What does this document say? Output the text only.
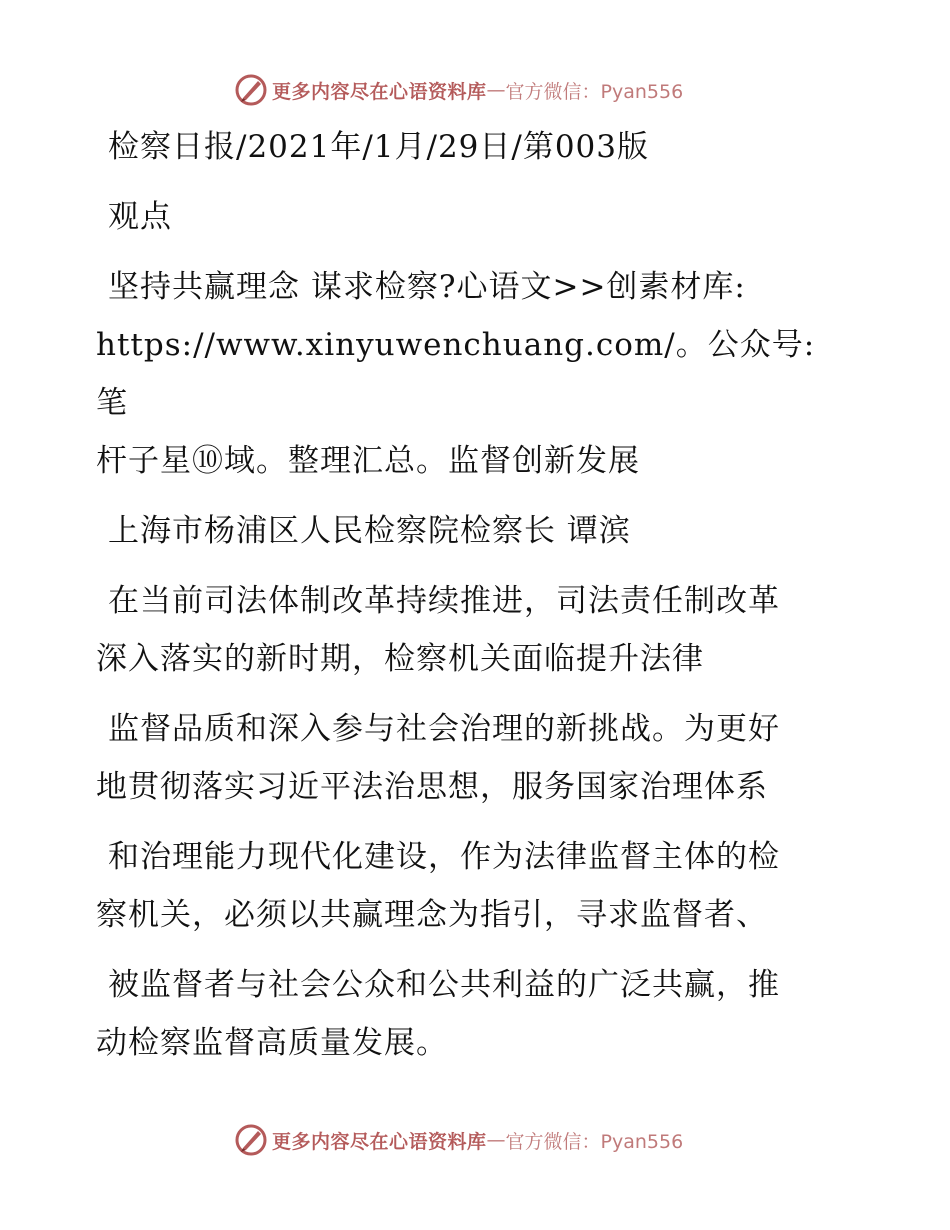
更多内容尽在心语资料库 — 官方微信：Pyan556

检察日报/2021年/1月/29日/第003版

观点

坚持共赢理念 谋求检察?心语文>>创素材库:
https://www.xinyuwenchuang.com/。公众号: 笔
杆子星⑩域。整理汇总。监督创新发展

上海市杨浦区人民检察院检察长 谭滨

在当前司法体制改革持续推进，司法责任制改革
深入落实的新时期，检察机关面临提升法律

监督品质和深入参与社会治理的新挑战。为更好
地贯彻落实习近平法治思想，服务国家治理体系

和治理能力现代化建设，作为法律监督主体的检
察机关，必须以共赢理念为指引，寻求监督者、

被监督者与社会公众和公共利益的广泛共赢，推
动检察监督高质量发展。

更多内容尽在心语资料库 — 官方微信：Pyan556
